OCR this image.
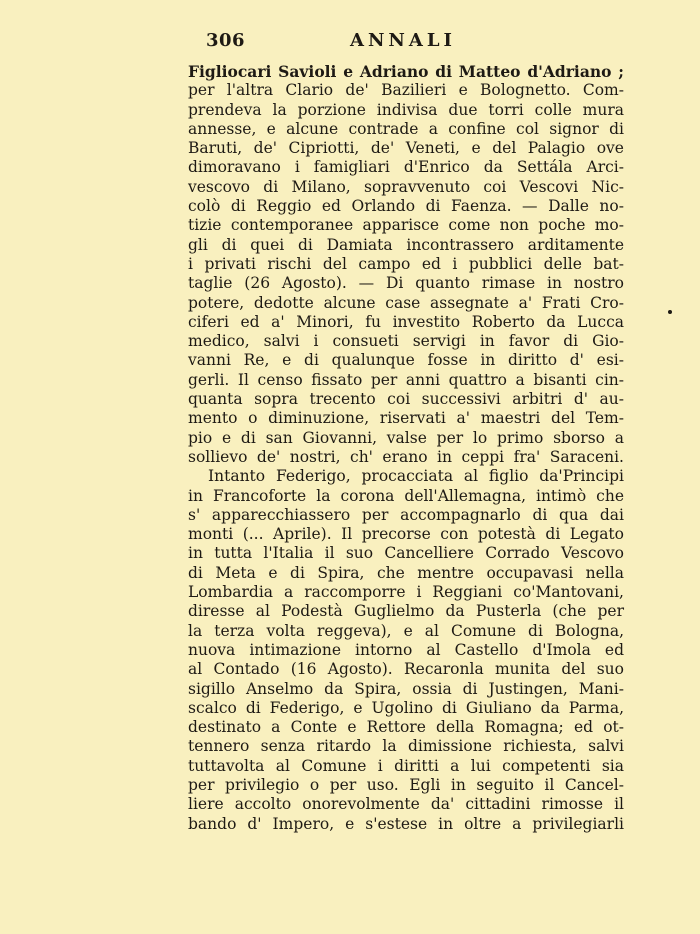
306	ANNALI
Figliocari Savioli e Adriano di Matteo d'Adriano ;
per l'altra Clario de' Bazilieri e Bolognetto. Com-
prendeva la porzione indivisa due torri colle mura
annesse, e alcune contrade a confine col signor di
Baruti, de' Cipriotti, de' Veneti, e del Palagio ove
dimoravano i famigliari d'Enrico da Settála Arci-
vescovo di Milano, sopravvenuto coi Vescovi Nic-
colò di Reggio ed Orlando di Faenza. — Dalle no-
tizie contemporanee apparisce come non poche mo-
gli di quei di Damiata incontrassero arditamente
i privati rischi del campo ed i pubblici delle bat-
taglie (26 Agosto). — Di quanto rimase in nostro
potere, dedotte alcune case assegnate a' Frati Cro-
ciferi ed a' Minori, fu investito Roberto da Lucca
medico, salvi i consueti servigi in favor di Gio-
vanni Re, e di qualunque fosse in diritto d' esi-
gerli. Il censo fissato per anni quattro a bisanti cin-
quanta sopra trecento coi successivi arbitri d' au-
mento o diminuzione, riservati a' maestri del Tem-
pio e di san Giovanni, valse per lo primo sborso a
sollievo de' nostri, ch' erano in ceppi fra' Saraceni.
Intanto Federigo, procacciata al figlio da'Principi
in Francoforte la corona dell'Allemagna, intimò che
s' apparecchiassero per accompagnarlo di qua dai
monti (... Aprile). Il precorse con potestà di Legato
in tutta l'Italia il suo Cancelliere Corrado Vescovo
di Meta e di Spira, che mentre occupavasi nella
Lombardia a raccomporre i Reggiani co'Mantovani,
diresse al Podestà Guglielmo da Pusterla (che per
la terza volta reggeva), e al Comune di Bologna,
nuova intimazione intorno al Castello d'Imola ed
al Contado (16 Agosto). Recaronla munita del suo
sigillo Anselmo da Spira, ossia di Justingen, Mani-
scalco di Federigo, e Ugolino di Giuliano da Parma,
destinato a Conte e Rettore della Romagna; ed ot-
tennero senza ritardo la dimissione richiesta, salvi
tuttavolta al Comune i diritti a lui competenti sia
per privilegio o per uso. Egli in seguito il Cancel-
liere accolto onorevolmente da' cittadini rimosse il
bando d' Impero, e s'estese in oltre a privilegiarli
